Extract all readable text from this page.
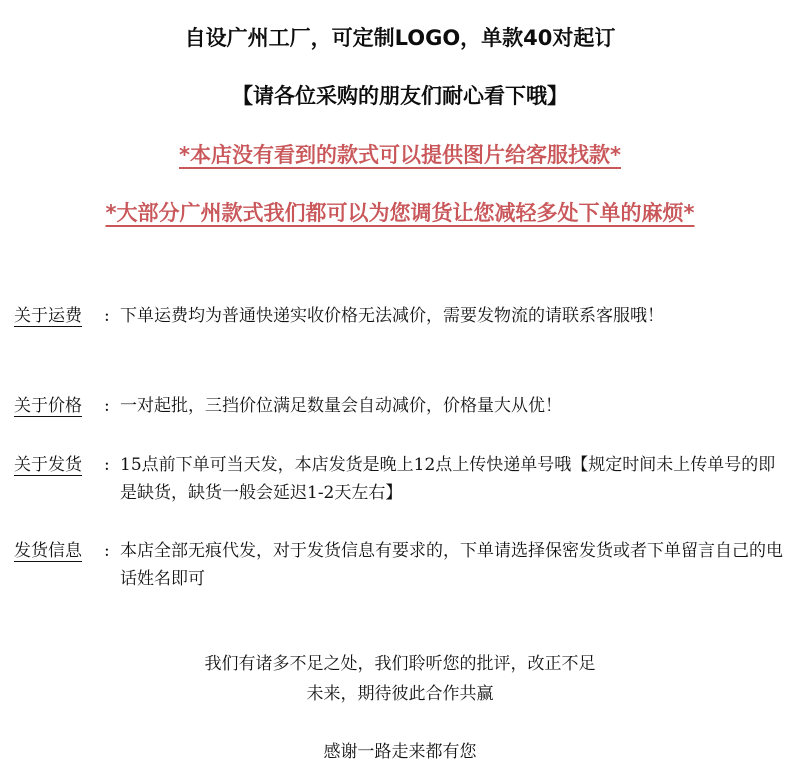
自设广州工厂，可定制LOGO，单款40对起订
【请各位采购的朋友们耐心看下哦】
*本店没有看到的款式可以提供图片给客服找款*
*大部分广州款式我们都可以为您调货让您减轻多处下单的麻烦*
关于运费 : 下单运费均为普通快递实收价格无法减价，需要发物流的请联系客服哦！
关于价格 : 一对起批，三挡价位满足数量会自动减价，价格量大从优！
关于发货 : 15点前下单可当天发，本店发货是晚上12点上传快递单号哦【规定时间未上传单号的即是缺货，缺货一般会延迟1-2天左右】
发货信息 : 本店全部无痕代发，对于发货信息有要求的，下单请选择保密发货或者下单留言自己的电话姓名即可
我们有诸多不足之处，我们聆听您的批评，改正不足
未来，期待彼此合作共赢
感谢一路走来都有您
